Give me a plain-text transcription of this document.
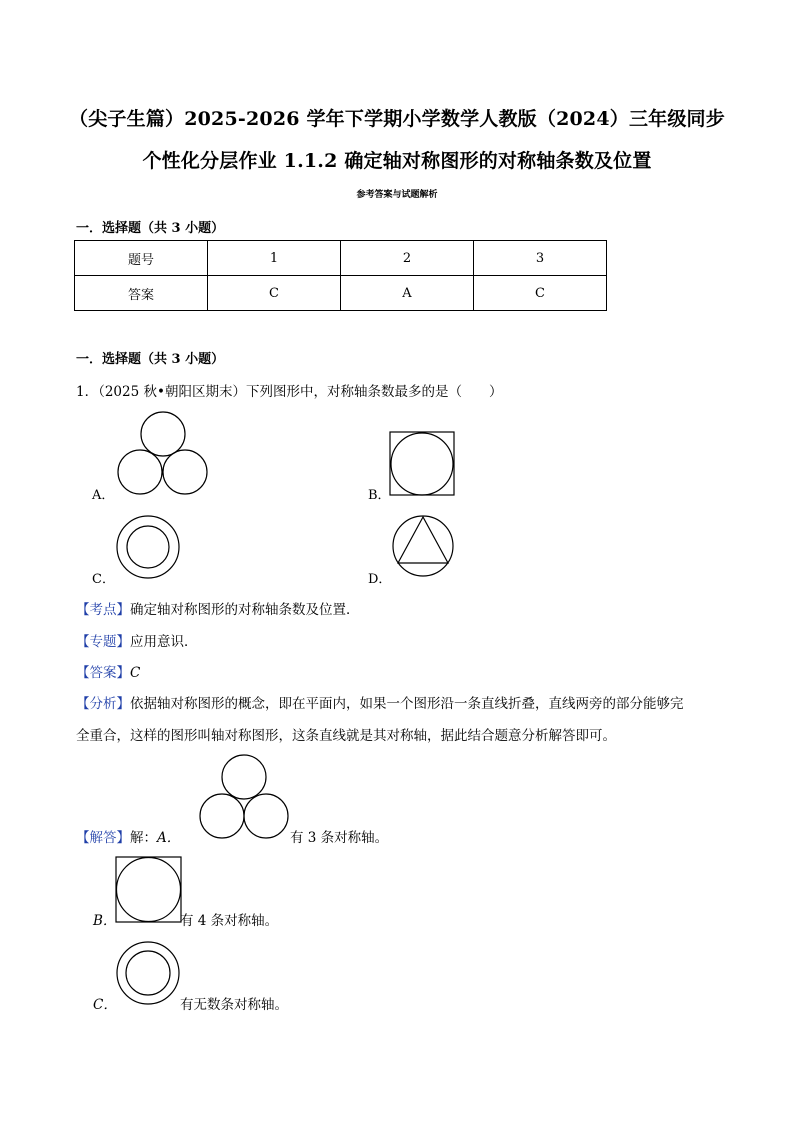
（尖子生篇）2025-2026 学年下学期小学数学人教版（2024）三年级同步
个性化分层作业 1.1.2 确定轴对称图形的对称轴条数及位置
参考答案与试题解析
一．选择题（共 3 小题）
题号	1	2	3
答案	C	A	C
一．选择题（共 3 小题）
1．（2025 秋•朝阳区期末）下列图形中，对称轴条数最多的是（　　）
A．	B．
C．	D．
【考点】确定轴对称图形的对称轴条数及位置．
【专题】应用意识．
【答案】C
【分析】依据轴对称图形的概念，即在平面内，如果一个图形沿一条直线折叠，直线两旁的部分能够完
全重合，这样的图形叫轴对称图形，这条直线就是其对称轴，据此结合题意分析解答即可。
【解答】解：A．	有 3 条对称轴。
B．	有 4 条对称轴。
C．	有无数条对称轴。
